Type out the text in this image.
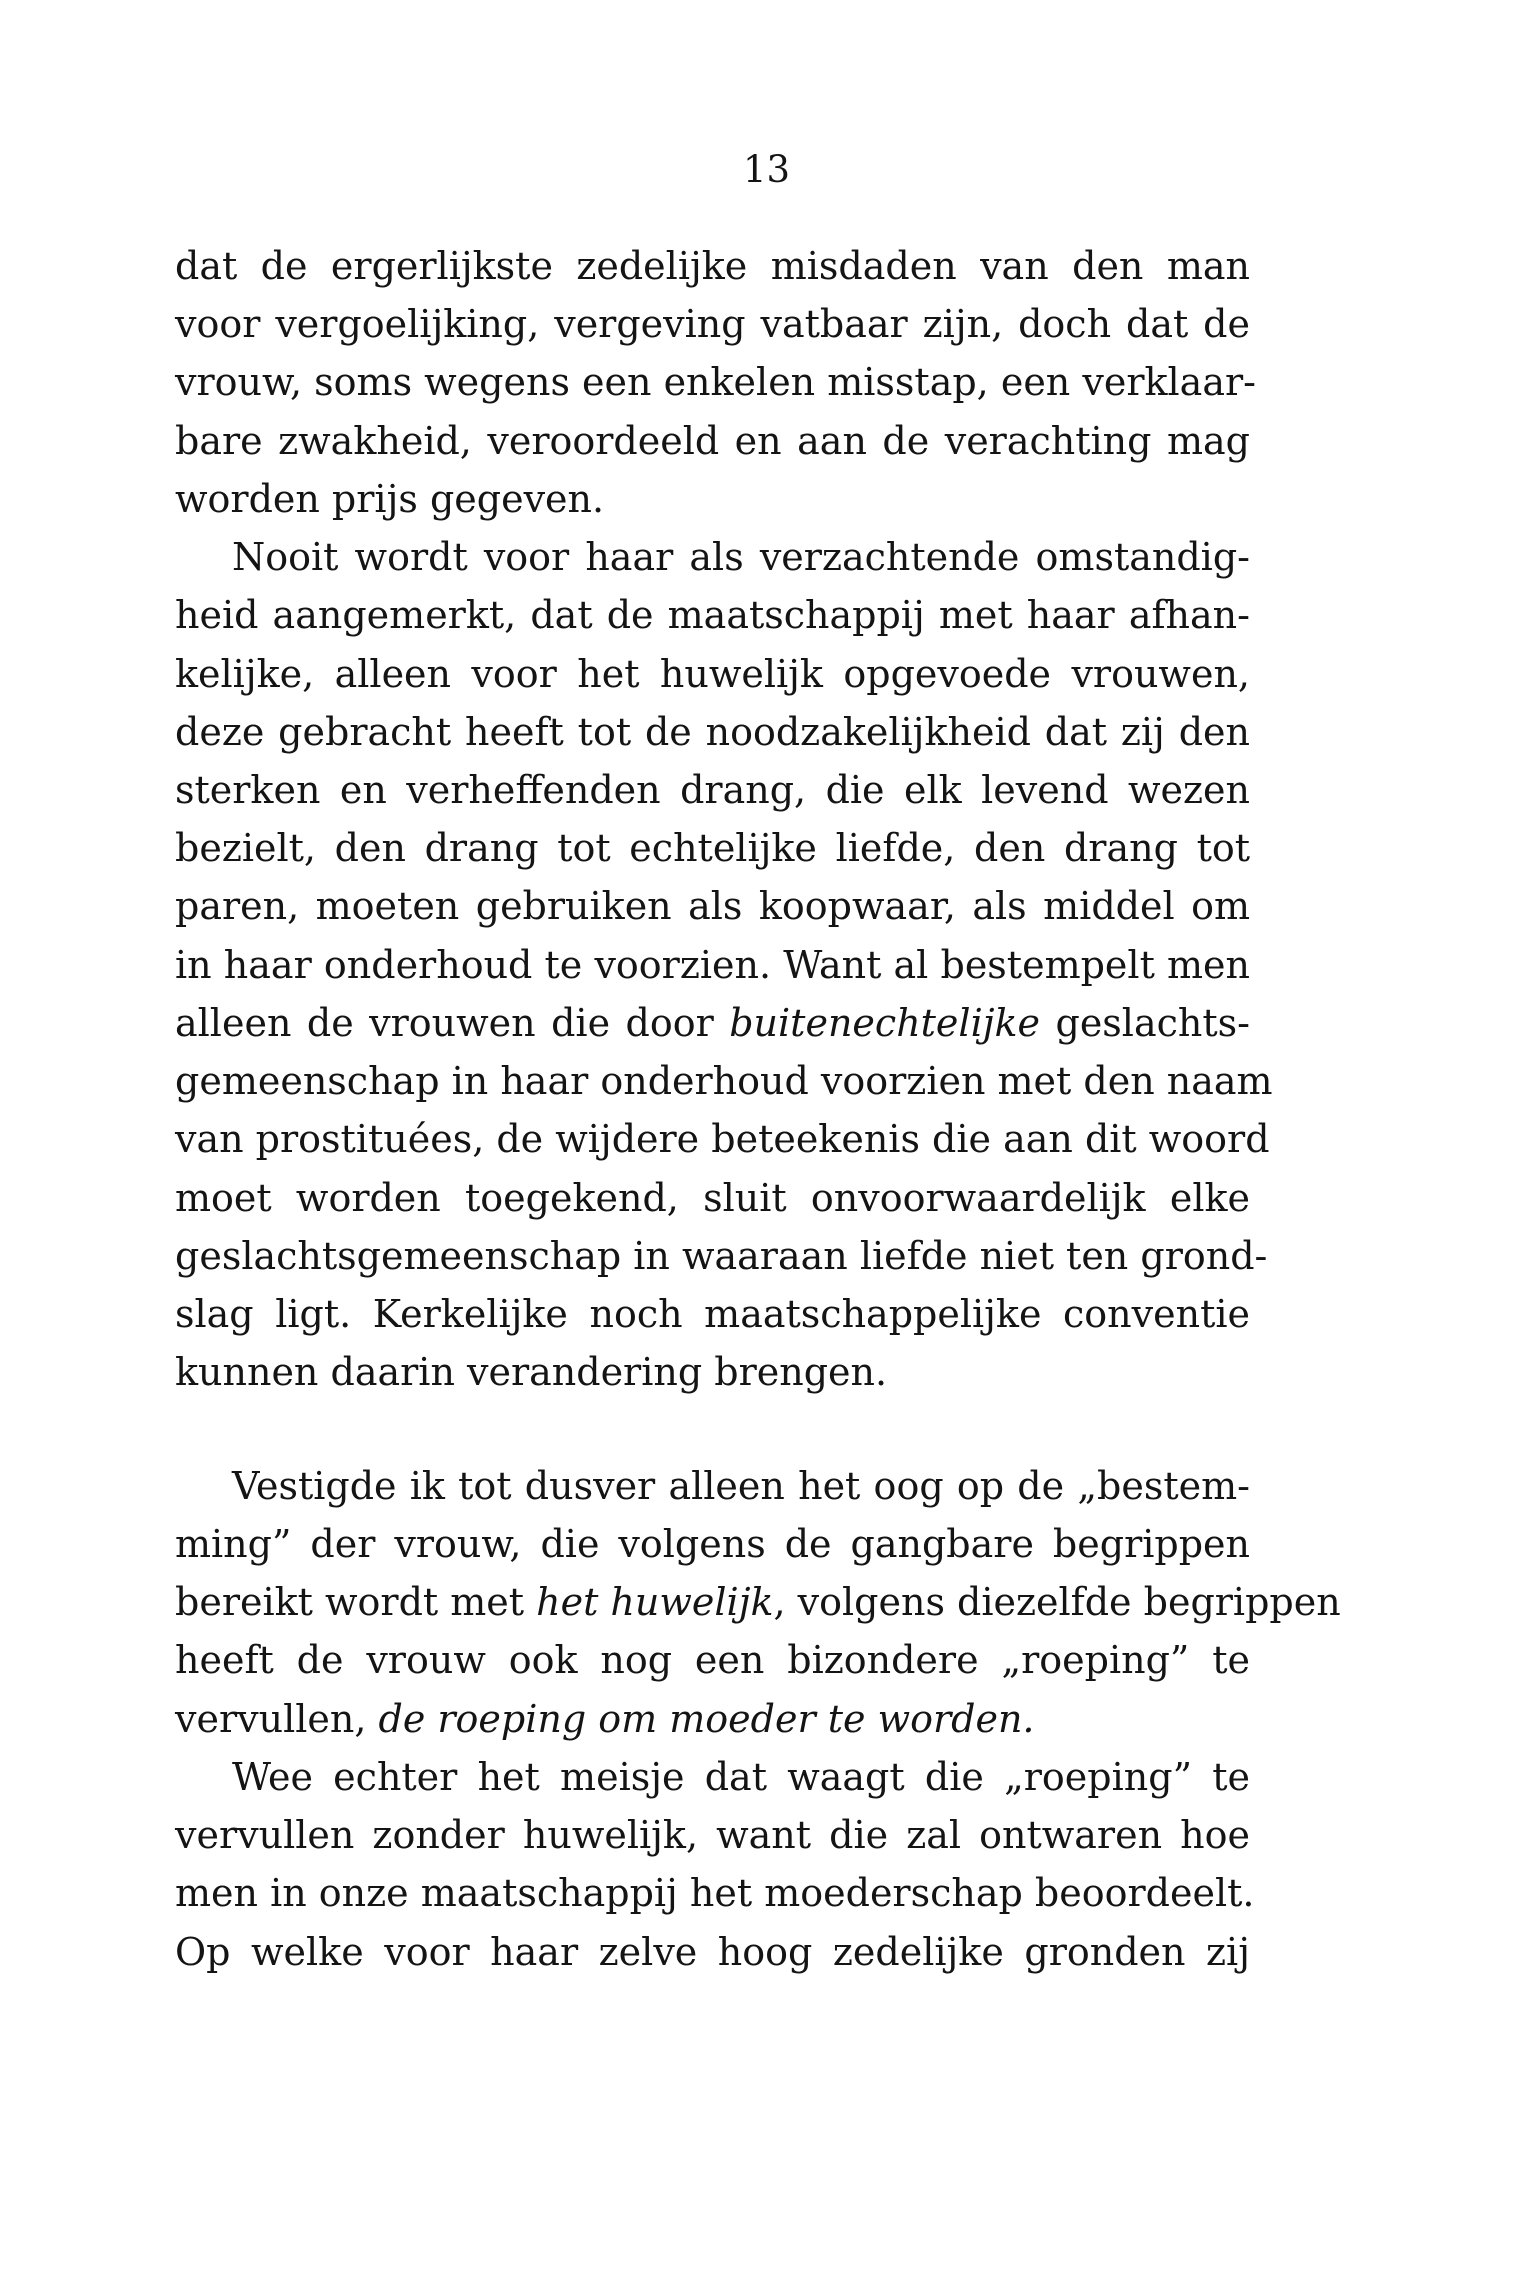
13
dat de ergerlijkste zedelijke misdaden van den man
voor vergoelijking, vergeving vatbaar zijn, doch dat de
vrouw, soms wegens een enkelen misstap, een verklaar-
bare zwakheid, veroordeeld en aan de verachting mag
worden prijs gegeven.
Nooit wordt voor haar als verzachtende omstandig-
heid aangemerkt, dat de maatschappij met haar afhan-
kelijke, alleen voor het huwelijk opgevoede vrouwen,
deze gebracht heeft tot de noodzakelijkheid dat zij den
sterken en verheffenden drang, die elk levend wezen
bezielt, den drang tot echtelijke liefde, den drang tot
paren, moeten gebruiken als koopwaar, als middel om
in haar onderhoud te voorzien. Want al bestempelt men
alleen de vrouwen die door buitenechtelijke geslachts-
gemeenschap in haar onderhoud voorzien met den naam
van prostituées, de wijdere beteekenis die aan dit woord
moet worden toegekend, sluit onvoorwaardelijk elke
geslachtsgemeenschap in waaraan liefde niet ten grond-
slag ligt. Kerkelijke noch maatschappelijke conventie
kunnen daarin verandering brengen.
Vestigde ik tot dusver alleen het oog op de „bestem-
ming” der vrouw, die volgens de gangbare begrippen
bereikt wordt met het huwelijk, volgens diezelfde begrippen
heeft de vrouw ook nog een bizondere „roeping” te
vervullen, de roeping om moeder te worden.
Wee echter het meisje dat waagt die „roeping” te
vervullen zonder huwelijk, want die zal ontwaren hoe
men in onze maatschappij het moederschap beoordeelt.
Op welke voor haar zelve hoog zedelijke gronden zij
